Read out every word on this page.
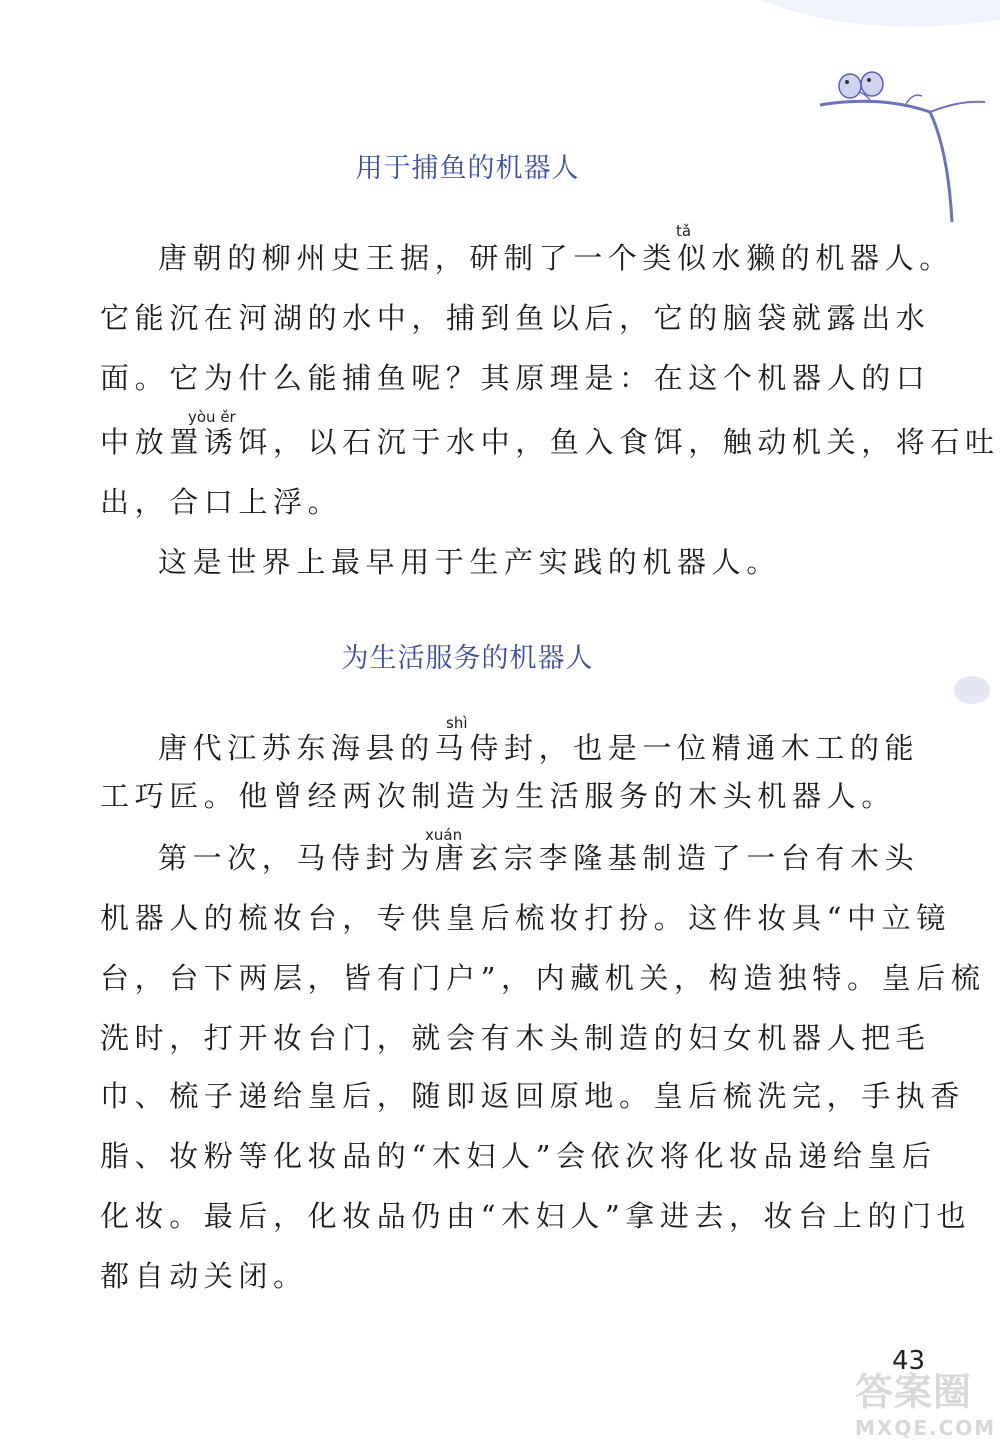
用于捕鱼的机器人
唐朝的柳州史王据，研制了一个类似水獭的机器人。
它能沉在河湖的水中，捕到鱼以后，它的脑袋就露出水
面。它为什么能捕鱼呢？其原理是：在这个机器人的口
中放置诱饵，以石沉于水中，鱼入食饵，触动机关，将石吐
出，合口上浮。
这是世界上最早用于生产实践的机器人。
为生活服务的机器人
唐代江苏东海县的马侍封，也是一位精通木工的能
工巧匠。他曾经两次制造为生活服务的木头机器人。
第一次，马侍封为唐玄宗李隆基制造了一台有木头
机器人的梳妆台，专供皇后梳妆打扮。这件妆具“中立镜
台，台下两层，皆有门户”，内藏机关，构造独特。皇后梳
洗时，打开妆台门，就会有木头制造的妇女机器人把毛
巾、梳子递给皇后，随即返回原地。皇后梳洗完，手执香
脂、妆粉等化妆品的“木妇人”会依次将化妆品递给皇后
化妆。最后，化妆品仍由“木妇人”拿进去，妆台上的门也
都自动关闭。
tǎ
yòu ěr
shì
xuán
43
答案圈
MXQE.COM
